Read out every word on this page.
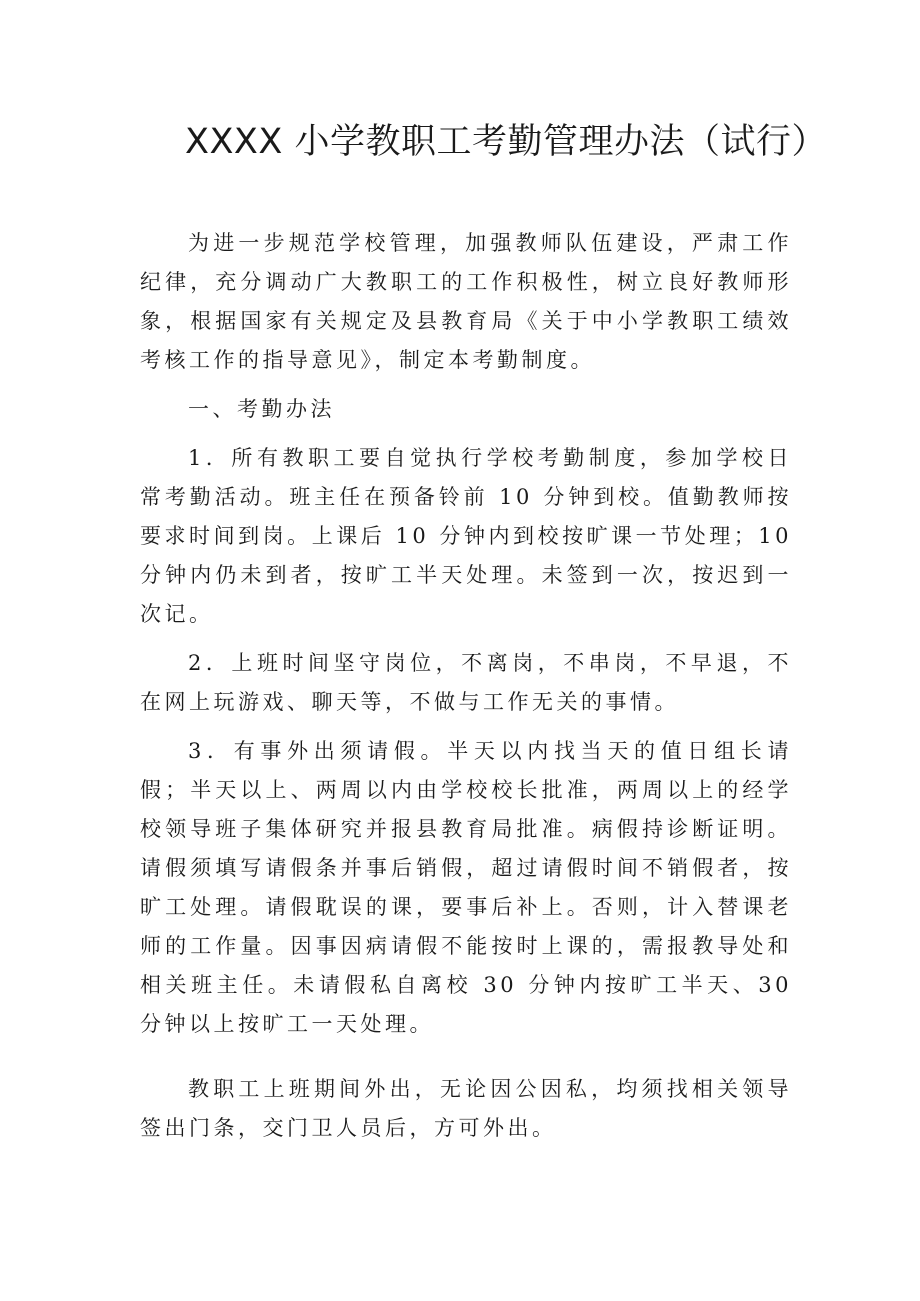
XXXX 小学教职工考勤管理办法（试行）

为进一步规范学校管理，加强教师队伍建设，严肃工作纪律，充分调动广大教职工的工作积极性，树立良好教师形象，根据国家有关规定及县教育局《关于中小学教职工绩效考核工作的指导意见》，制定本考勤制度。

一、考勤办法

1．所有教职工要自觉执行学校考勤制度，参加学校日常考勤活动。班主任在预备铃前 10 分钟到校。值勤教师按要求时间到岗。上课后 10 分钟内到校按旷课一节处理；10 分钟内仍未到者，按旷工半天处理。未签到一次，按迟到一次记。

2．上班时间坚守岗位，不离岗，不串岗，不早退，不在网上玩游戏、聊天等，不做与工作无关的事情。

3．有事外出须请假。半天以内找当天的值日组长请假；半天以上、两周以内由学校校长批准，两周以上的经学校领导班子集体研究并报县教育局批准。病假持诊断证明。请假须填写请假条并事后销假，超过请假时间不销假者，按旷工处理。请假耽误的课，要事后补上。否则，计入替课老师的工作量。因事因病请假不能按时上课的，需报教导处和相关班主任。未请假私自离校 30 分钟内按旷工半天、30 分钟以上按旷工一天处理。

教职工上班期间外出，无论因公因私，均须找相关领导签出门条，交门卫人员后，方可外出。
